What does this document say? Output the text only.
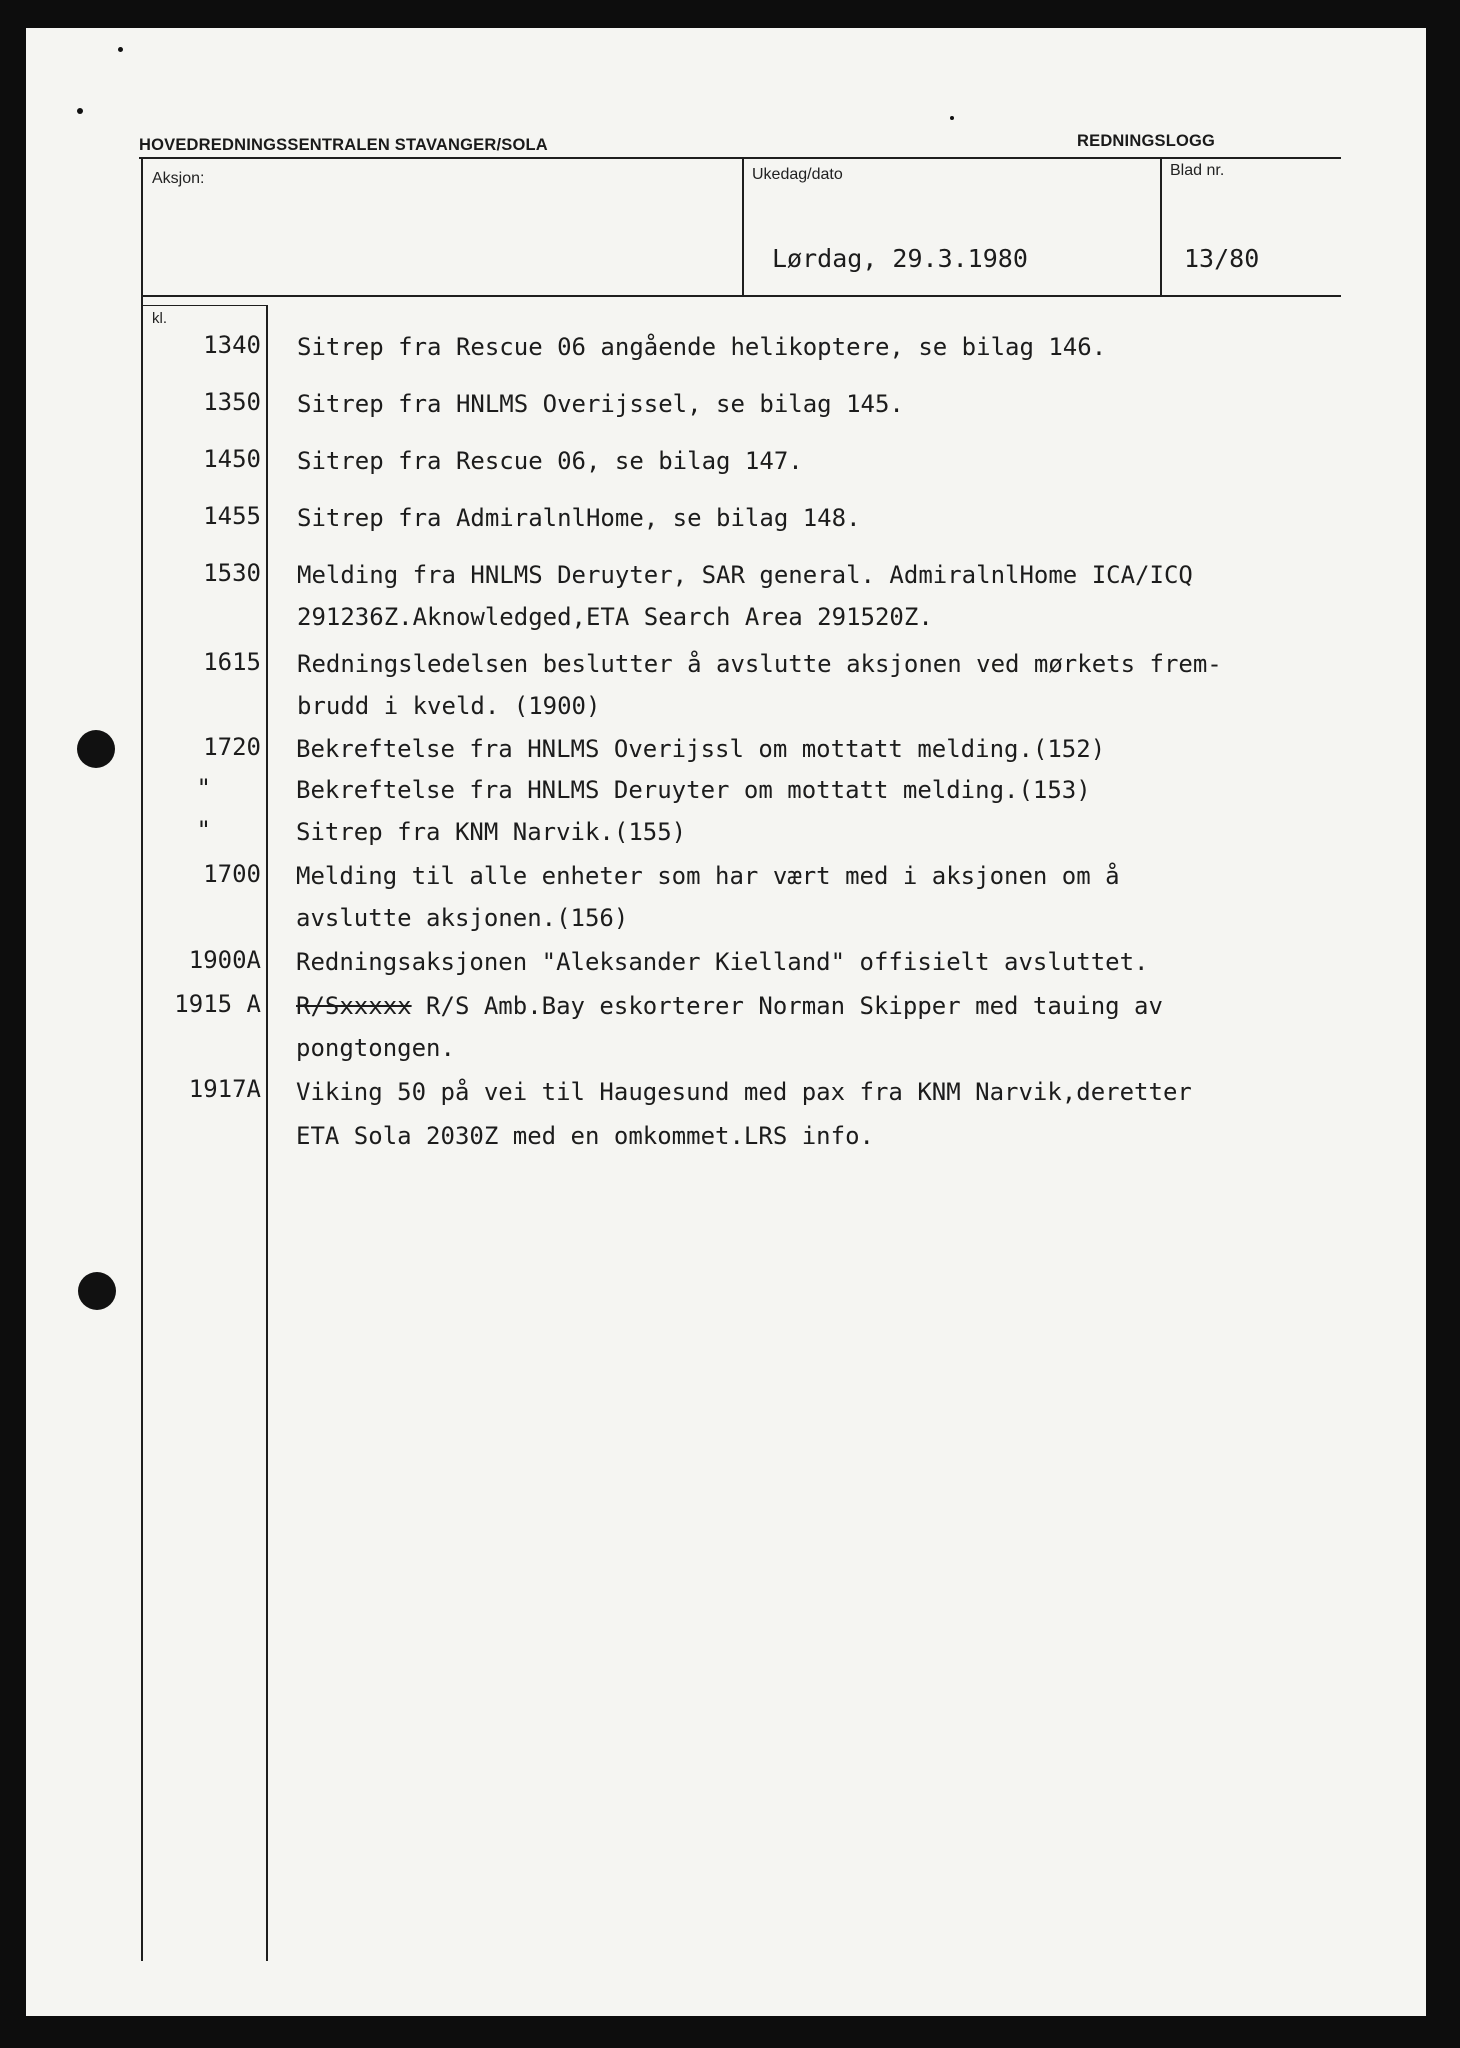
HOVEDREDNINGSSENTRALEN STAVANGER/SOLA	REDNINGSLOGG
Aksjon:	Ukedag/dato
Lørdag, 29.3.1980
Blad nr.
13/80
kl.
1340 Sitrep fra Rescue 06 angående helikoptere, se bilag 146.
1350 Sitrep fra HNLMS Overijssel, se bilag 145.
1450 Sitrep fra Rescue 06, se bilag 147.
1455 Sitrep fra AdmiralnlHome, se bilag 148.
1530 Melding fra HNLMS Deruyter, SAR general. AdmiralnlHome ICA/ICQ
291236Z.Aknowledged,ETA Search Area 291520Z.
1615 Redningsledelsen beslutter å avslutte aksjonen ved mørkets frem-
brudd i kveld. (1900)
1720 Bekreftelse fra HNLMS Overijssl om mottatt melding.(152)
"	Bekreftelse fra HNLMS Deruyter om mottatt melding.(153)
"	Sitrep fra KNM Narvik.(155)
1700 Melding til alle enheter som har vært med i aksjonen om å
avslutte aksjonen.(156)
1900A Redningsaksjonen "Aleksander Kielland" offisielt avsluttet.
1915 A R/Sxxxxx R/S Amb.Bay eskorterer Norman Skipper med tauing av
pongtongen.
1917A Viking 50 på vei til Haugesund med pax fra KNM Narvik,deretter
ETA Sola 2030Z med en omkommet.LRS info.
